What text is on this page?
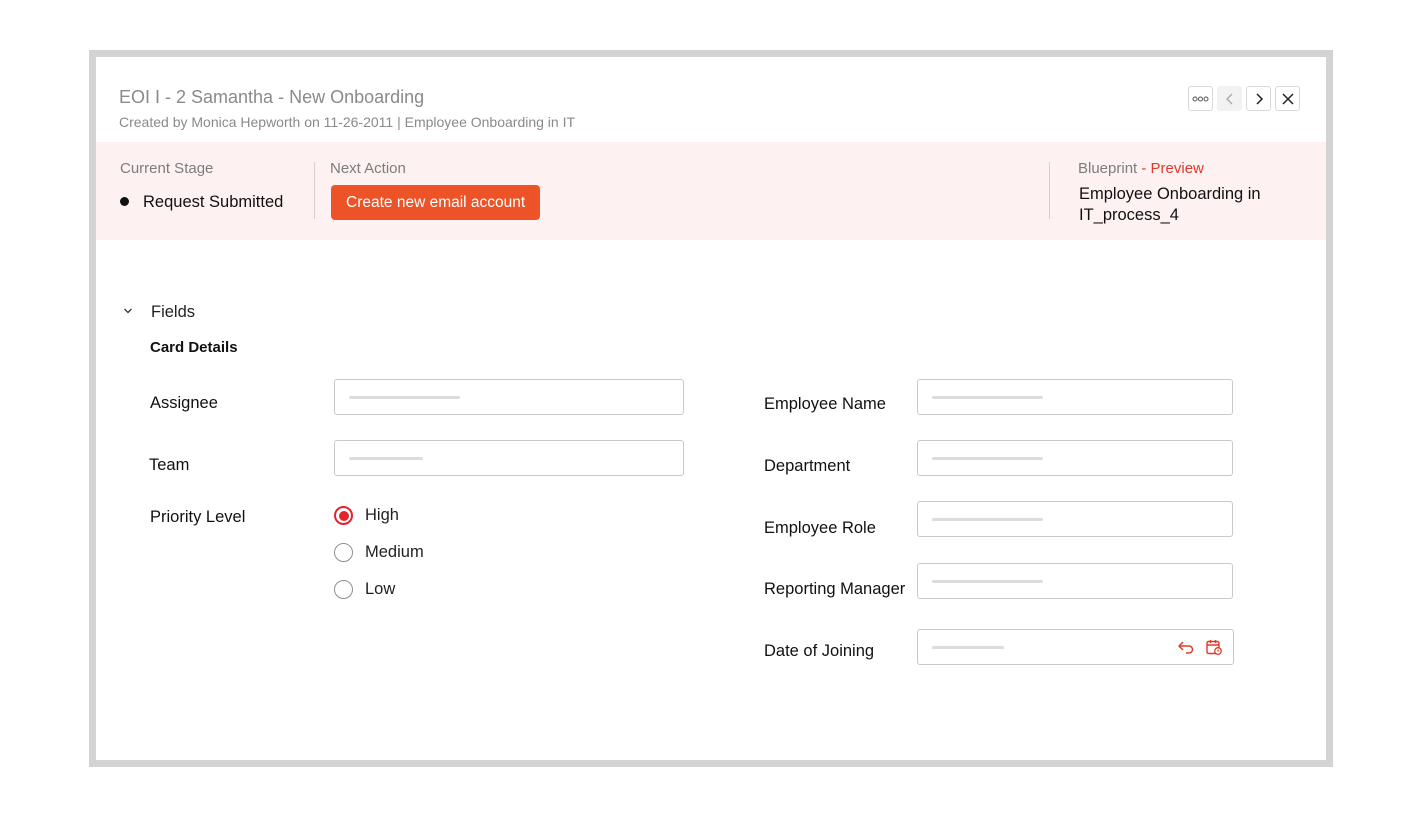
EOI I - 2 Samantha - New Onboarding
Created by Monica Hepworth on 11-26-2011 | Employee Onboarding in IT
Current Stage
Request Submitted
Next Action
Create new email account
Blueprint - Preview
Employee Onboarding in IT_process_4
Fields
Card Details
Assignee
Team
Priority Level	High
Medium
Low
Employee Name
Department
Employee Role
Reporting Manager
Date of Joining
